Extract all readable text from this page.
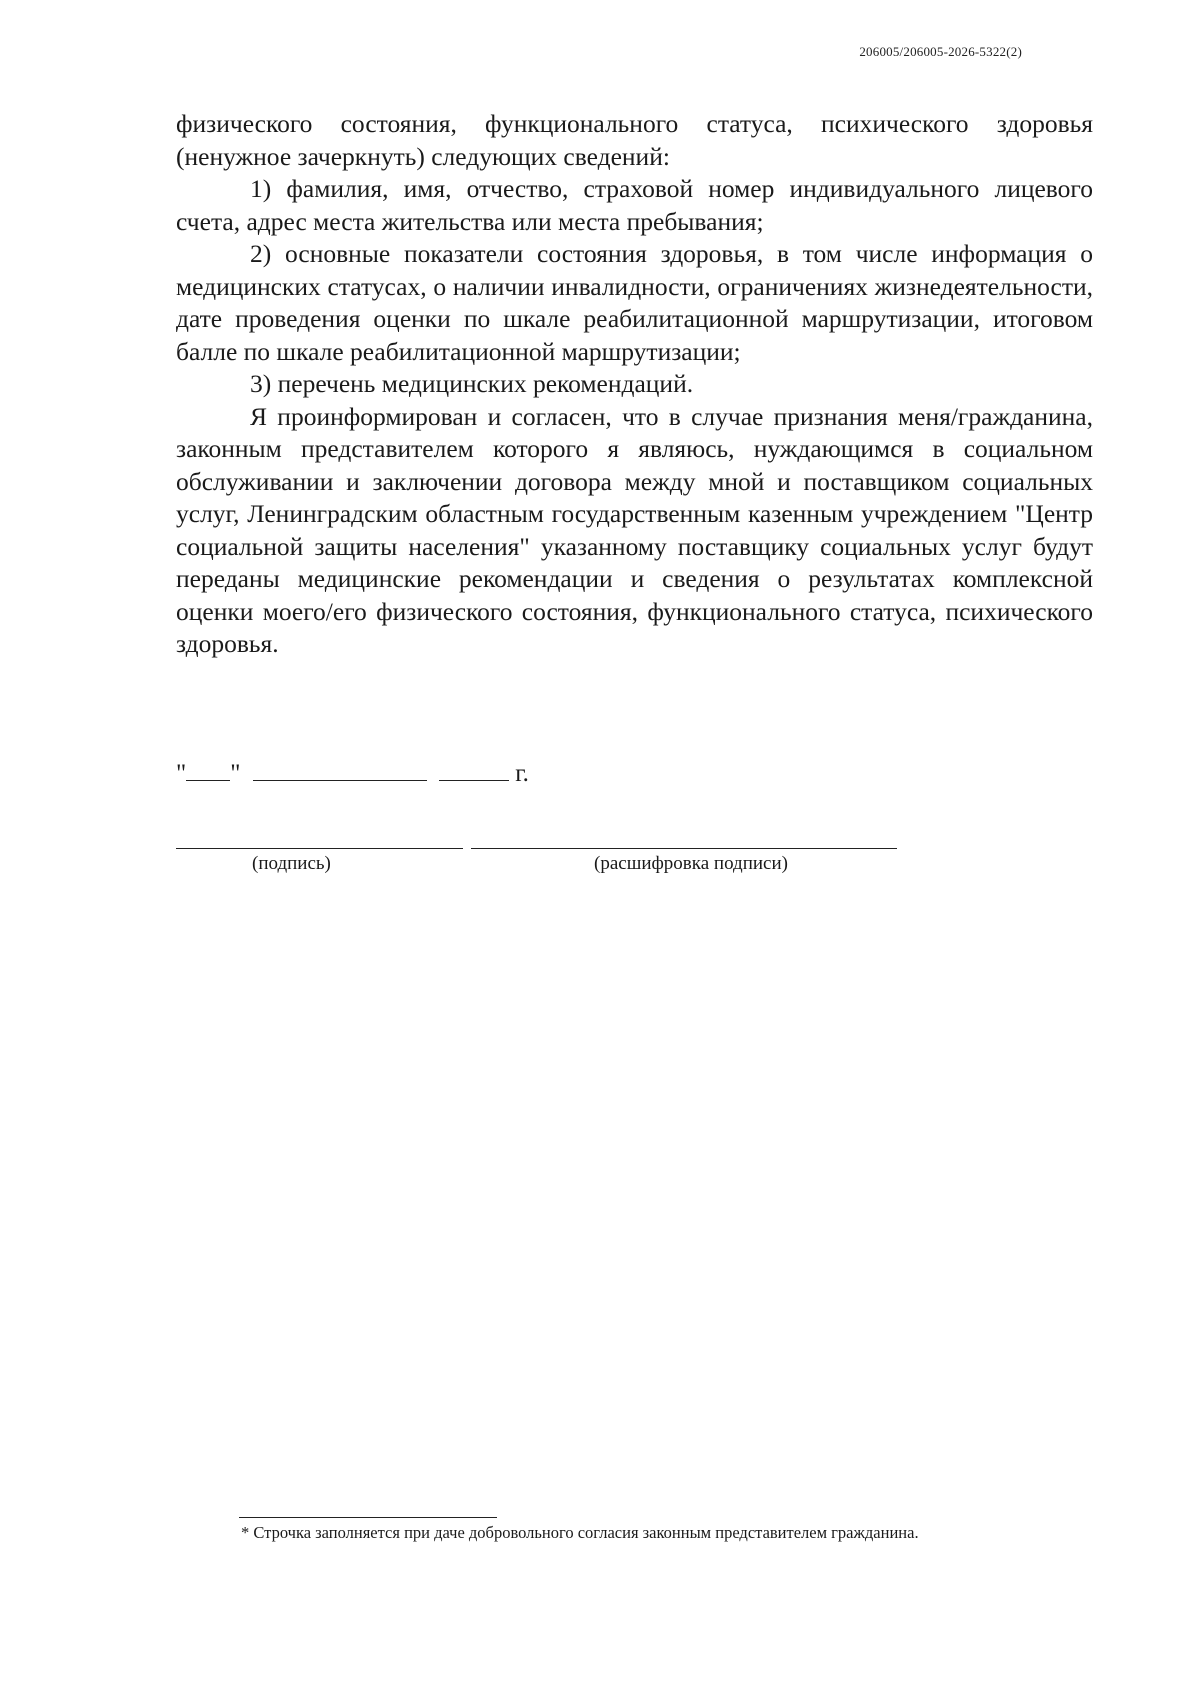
206005/206005-2026-5322(2)

физического состояния, функционального статуса, психического здоровья (ненужное зачеркнуть) следующих сведений:

1) фамилия, имя, отчество, страховой номер индивидуального лицевого счета, адрес места жительства или места пребывания;

2) основные показатели состояния здоровья, в том числе информация о медицинских статусах, о наличии инвалидности, ограничениях жизнедеятельности, дате проведения оценки по шкале реабилитационной маршрутизации, итоговом балле по шкале реабилитационной маршрутизации;

3) перечень медицинских рекомендаций.

Я проинформирован и согласен, что в случае признания меня/гражданина, законным представителем которого я являюсь, нуждающимся в социальном обслуживании и заключении договора между мной и поставщиком социальных услуг, Ленинградским областным государственным казенным учреждением "Центр социальной защиты населения" указанному поставщику социальных услуг будут переданы медицинские рекомендации и сведения о результатах комплексной оценки моего/его физического состояния, функционального статуса, психического здоровья.

" "	г.
(подпись)	(расшифровка подписи)
* Строчка заполняется при даче добровольного согласия законным представителем гражданина.
